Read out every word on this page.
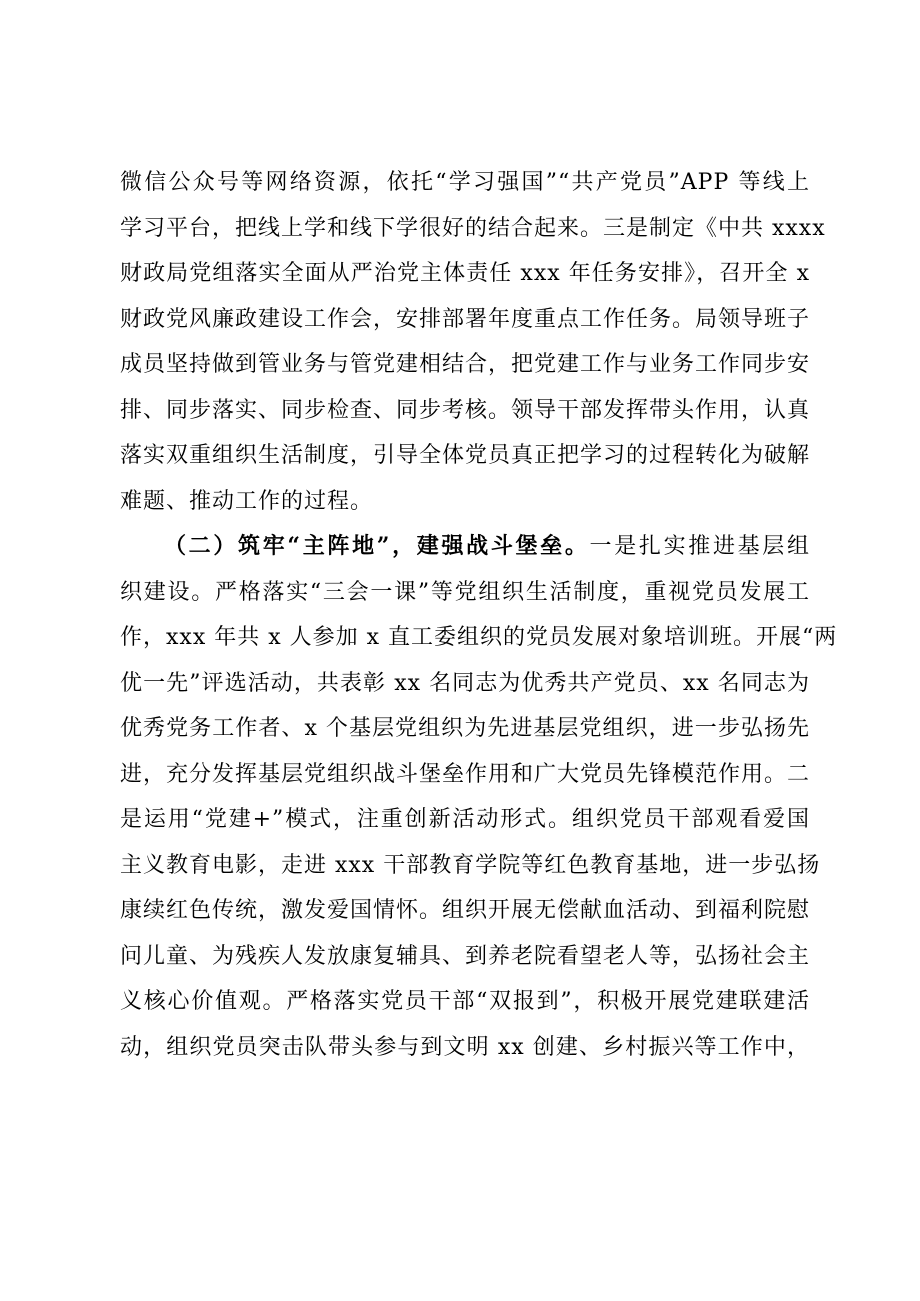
微信公众号等网络资源，依托“学习强国”“共产党员”APP 等线上
学习平台，把线上学和线下学很好的结合起来。三是制定《中共 xxxx
财政局党组落实全面从严治党主体责任 xxx 年任务安排》，召开全 x
财政党风廉政建设工作会，安排部署年度重点工作任务。局领导班子
成员坚持做到管业务与管党建相结合，把党建工作与业务工作同步安
排、同步落实、同步检查、同步考核。领导干部发挥带头作用，认真
落实双重组织生活制度，引导全体党员真正把学习的过程转化为破解
难题、推动工作的过程。
（二）筑牢“主阵地”，建强战斗堡垒。一是扎实推进基层组
织建设。严格落实“三会一课”等党组织生活制度，重视党员发展工
作，xxx 年共 x 人参加 x 直工委组织的党员发展对象培训班。开展“两
优一先”评选活动，共表彰 xx 名同志为优秀共产党员、xx 名同志为
优秀党务工作者、x 个基层党组织为先进基层党组织，进一步弘扬先
进，充分发挥基层党组织战斗堡垒作用和广大党员先锋模范作用。二
是运用“党建+”模式，注重创新活动形式。组织党员干部观看爱国
主义教育电影，走进 xxx 干部教育学院等红色教育基地，进一步弘扬
康续红色传统，激发爱国情怀。组织开展无偿献血活动、到福利院慰
问儿童、为残疾人发放康复辅具、到养老院看望老人等，弘扬社会主
义核心价值观。严格落实党员干部“双报到”，积极开展党建联建活
动，组织党员突击队带头参与到文明 xx 创建、乡村振兴等工作中，
